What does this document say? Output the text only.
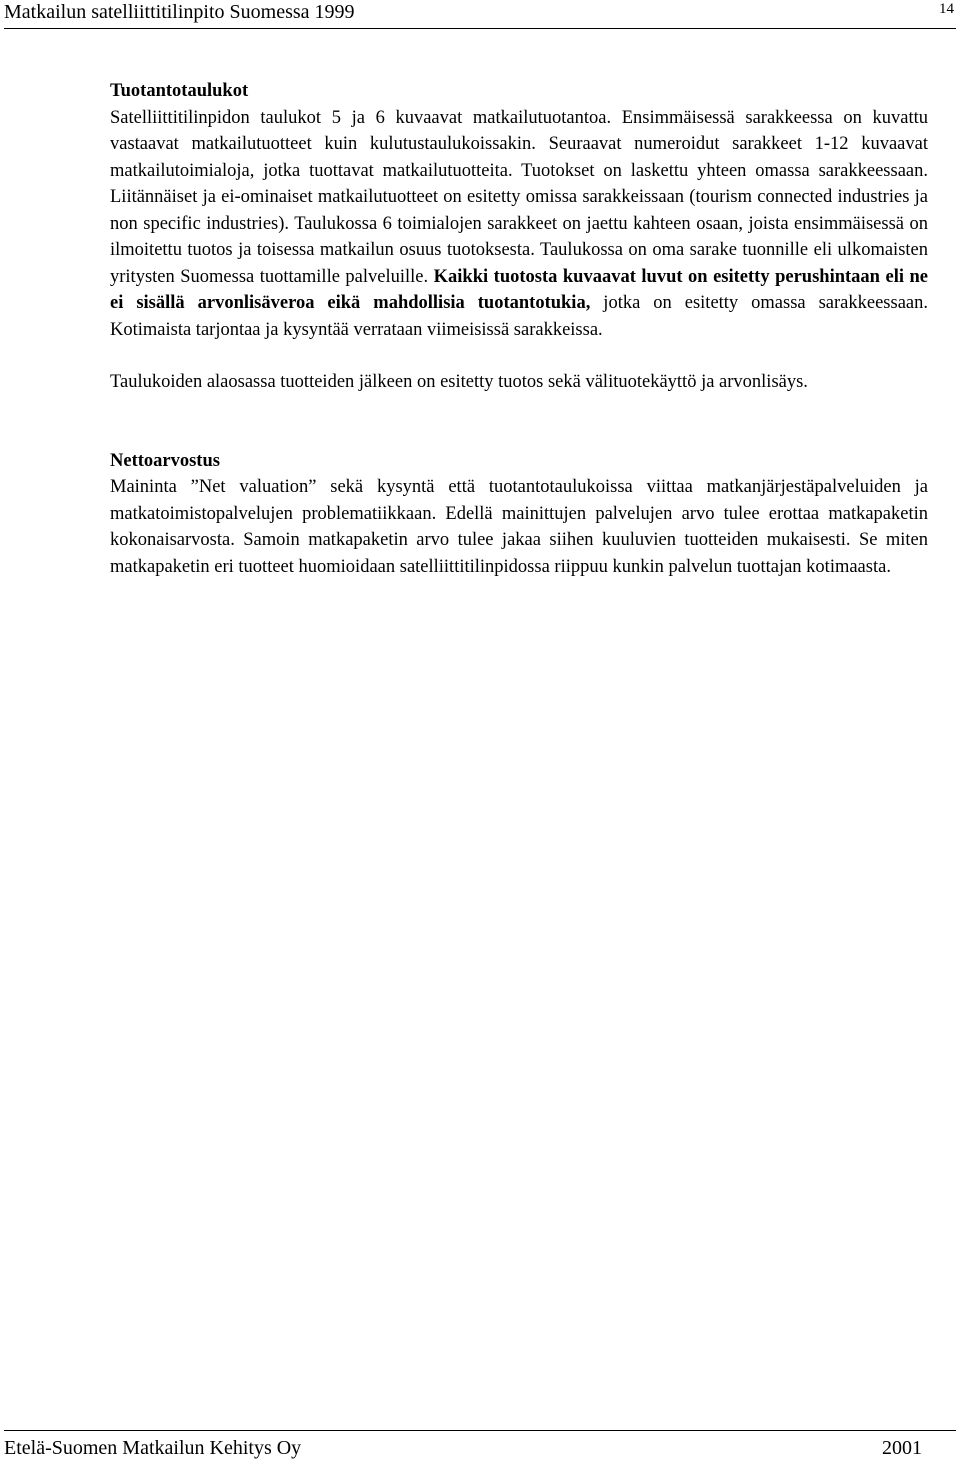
Matkailun satelliittitilinpito Suomessa 1999	14
Tuotantotaulukot

Satelliittitilinpidon taulukot 5 ja 6 kuvaavat matkailutuotantoa. Ensimmäisessä sarakkeessa on kuvattu vastaavat matkailutuotteet kuin kulutustaulukoissakin. Seuraavat numeroidut sarakkeet 1-12 kuvaavat matkailutoimialoja, jotka tuottavat matkailutuotteita. Tuotokset on laskettu yhteen omassa sarakkeessaan. Liitännäiset ja ei-ominaiset matkailutuotteet on esitetty omissa sarakkeissaan (tourism connected industries ja non specific industries). Taulukossa 6 toimialojen sarakkeet on jaettu kahteen osaan, joista ensimmäisessä on ilmoitettu tuotos ja toisessa matkailun osuus tuotoksesta. Taulukossa on oma sarake tuonnille eli ulkomaisten yritysten Suomessa tuottamille palveluille. Kaikki tuotosta kuvaavat luvut on esitetty perushintaan eli ne ei sisällä arvonlisäveroa eikä mahdollisia tuotantotukia, jotka on esitetty omassa sarakkeessaan. Kotimaista tarjontaa ja kysyntää verrataan viimeisissä sarakkeissa.

Taulukoiden alaosassa tuotteiden jälkeen on esitetty tuotos sekä välituotekäyttö ja arvonlisäys.

Nettoarvostus

Maininta ”Net valuation” sekä kysyntä että tuotantotaulukoissa viittaa matkanjärjestäpalveluiden ja matkatoimistopalvelujen problematiikkaan. Edellä mainittujen palvelujen arvo tulee erottaa matkapaketin kokonaisarvosta. Samoin matkapaketin arvo tulee jakaa siihen kuuluvien tuotteiden mukaisesti. Se miten matkapaketin eri tuotteet huomioidaan satelliittitilinpidossa riippuu kunkin palvelun tuottajan kotimaasta.

Etelä-Suomen Matkailun Kehitys Oy	2001
